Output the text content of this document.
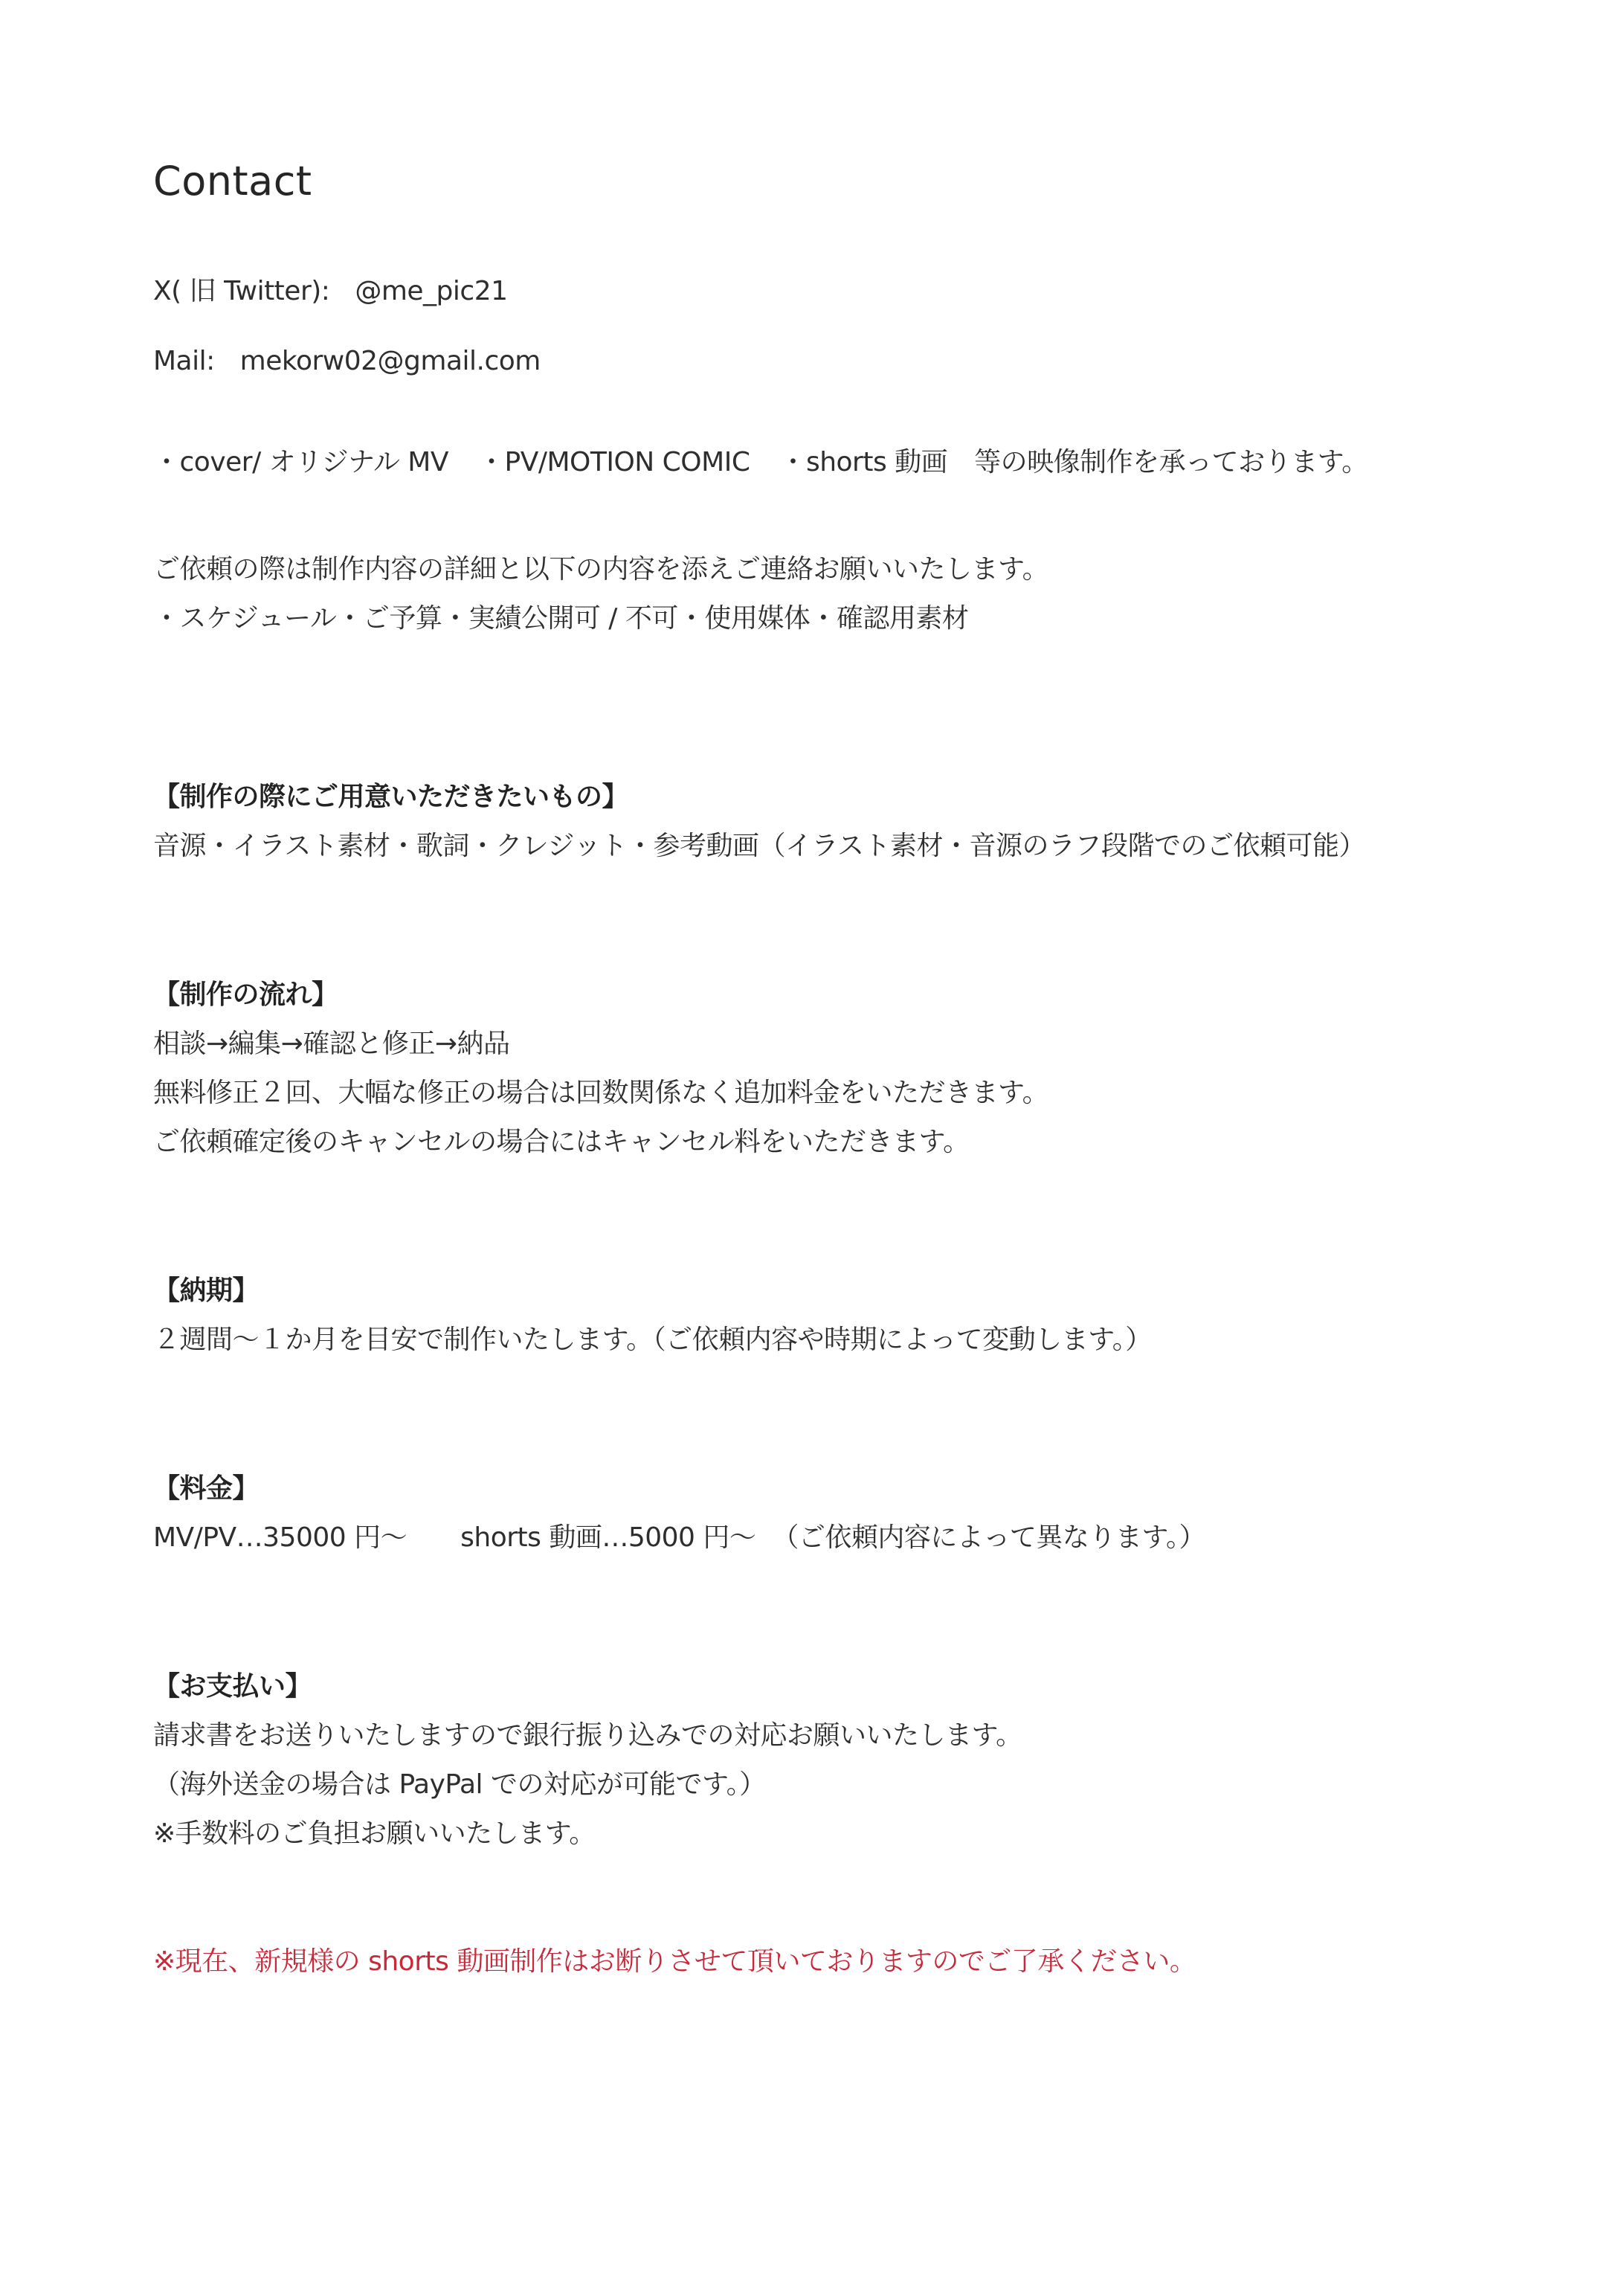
Contact
X( 旧 Twitter): @me_pic21
Mail: mekorw02@gmail.com
・cover/ オリジナル MV ・PV/MOTION COMIC ・shorts 動画 等の映像制作を承っております。
ご依頼の際は制作内容の詳細と以下の内容を添えご連絡お願いいたします。
・スケジュール・ご予算・実績公開可 / 不可・使用媒体・確認用素材
【制作の際にご用意いただきたいもの】
音源・イラスト素材・歌詞・クレジット・参考動画（イラスト素材・音源のラフ段階でのご依頼可能）
【制作の流れ】
相談→編集→確認と修正→納品
無料修正２回、大幅な修正の場合は回数関係なく追加料金をいただきます。
ご依頼確定後のキャンセルの場合にはキャンセル料をいただきます。
【納期】
２週間〜１か月を目安で制作いたします。（ご依頼内容や時期によって変動します。）
【料金】
MV/PV…35000 円〜 shorts 動画…5000 円〜 （ご依頼内容によって異なります。）
【お支払い】
請求書をお送りいたしますので銀行振り込みでの対応お願いいたします。
（海外送金の場合は PayPal での対応が可能です。）
※手数料のご負担お願いいたします。
※現在、新規様の shorts 動画制作はお断りさせて頂いておりますのでご了承ください。
